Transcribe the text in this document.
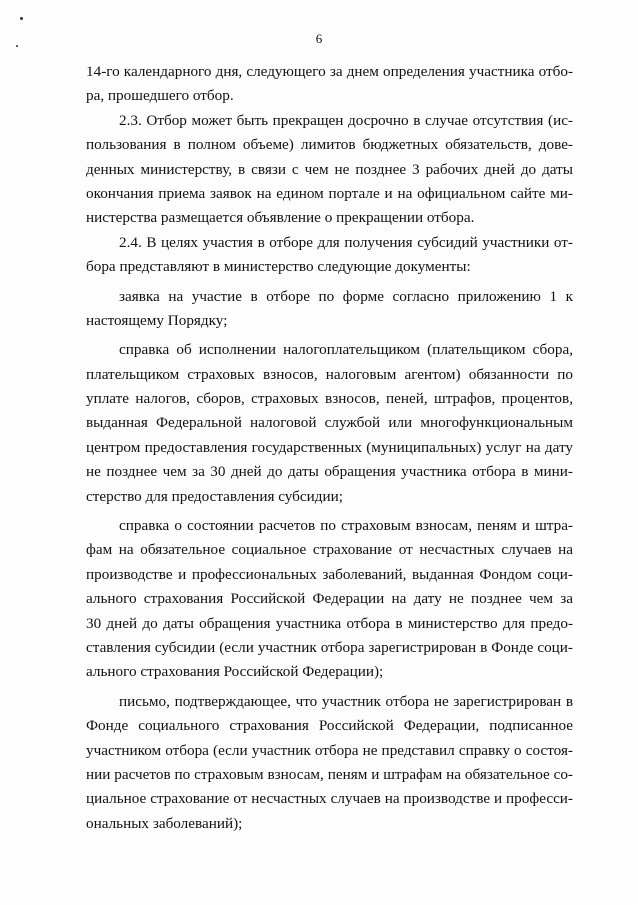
6
14-го календарного дня, следующего за днем определения участника отбо-
ра, прошедшего отбор.
2.3. Отбор может быть прекращен досрочно в случае отсутствия (ис-
пользования в полном объеме) лимитов бюджетных обязательств, дове-
денных министерству, в связи с чем не позднее 3 рабочих дней до даты
окончания приема заявок на едином портале и на официальном сайте ми-
нистерства размещается объявление о прекращении отбора.
2.4. В целях участия в отборе для получения субсидий участники от-
бора представляют в министерство следующие документы:
заявка на участие в отборе по форме согласно приложению 1 к
настоящему Порядку;
справка об исполнении налогоплательщиком (плательщиком сбора,
плательщиком страховых взносов, налоговым агентом) обязанности по
уплате налогов, сборов, страховых взносов, пеней, штрафов, процентов,
выданная Федеральной налоговой службой или многофункциональным
центром предоставления государственных (муниципальных) услуг на дату
не позднее чем за 30 дней до даты обращения участника отбора в мини-
стерство для предоставления субсидии;
справка о состоянии расчетов по страховым взносам, пеням и штра-
фам на обязательное социальное страхование от несчастных случаев на
производстве и профессиональных заболеваний, выданная Фондом соци-
ального страхования Российской Федерации на дату не позднее чем за
30 дней до даты обращения участника отбора в министерство для предо-
ставления субсидии (если участник отбора зарегистрирован в Фонде соци-
ального страхования Российской Федерации);
письмо, подтверждающее, что участник отбора не зарегистрирован в
Фонде социального страхования Российской Федерации, подписанное
участником отбора (если участник отбора не представил справку о состоя-
нии расчетов по страховым взносам, пеням и штрафам на обязательное со-
циальное страхование от несчастных случаев на производстве и професси-
ональных заболеваний);
